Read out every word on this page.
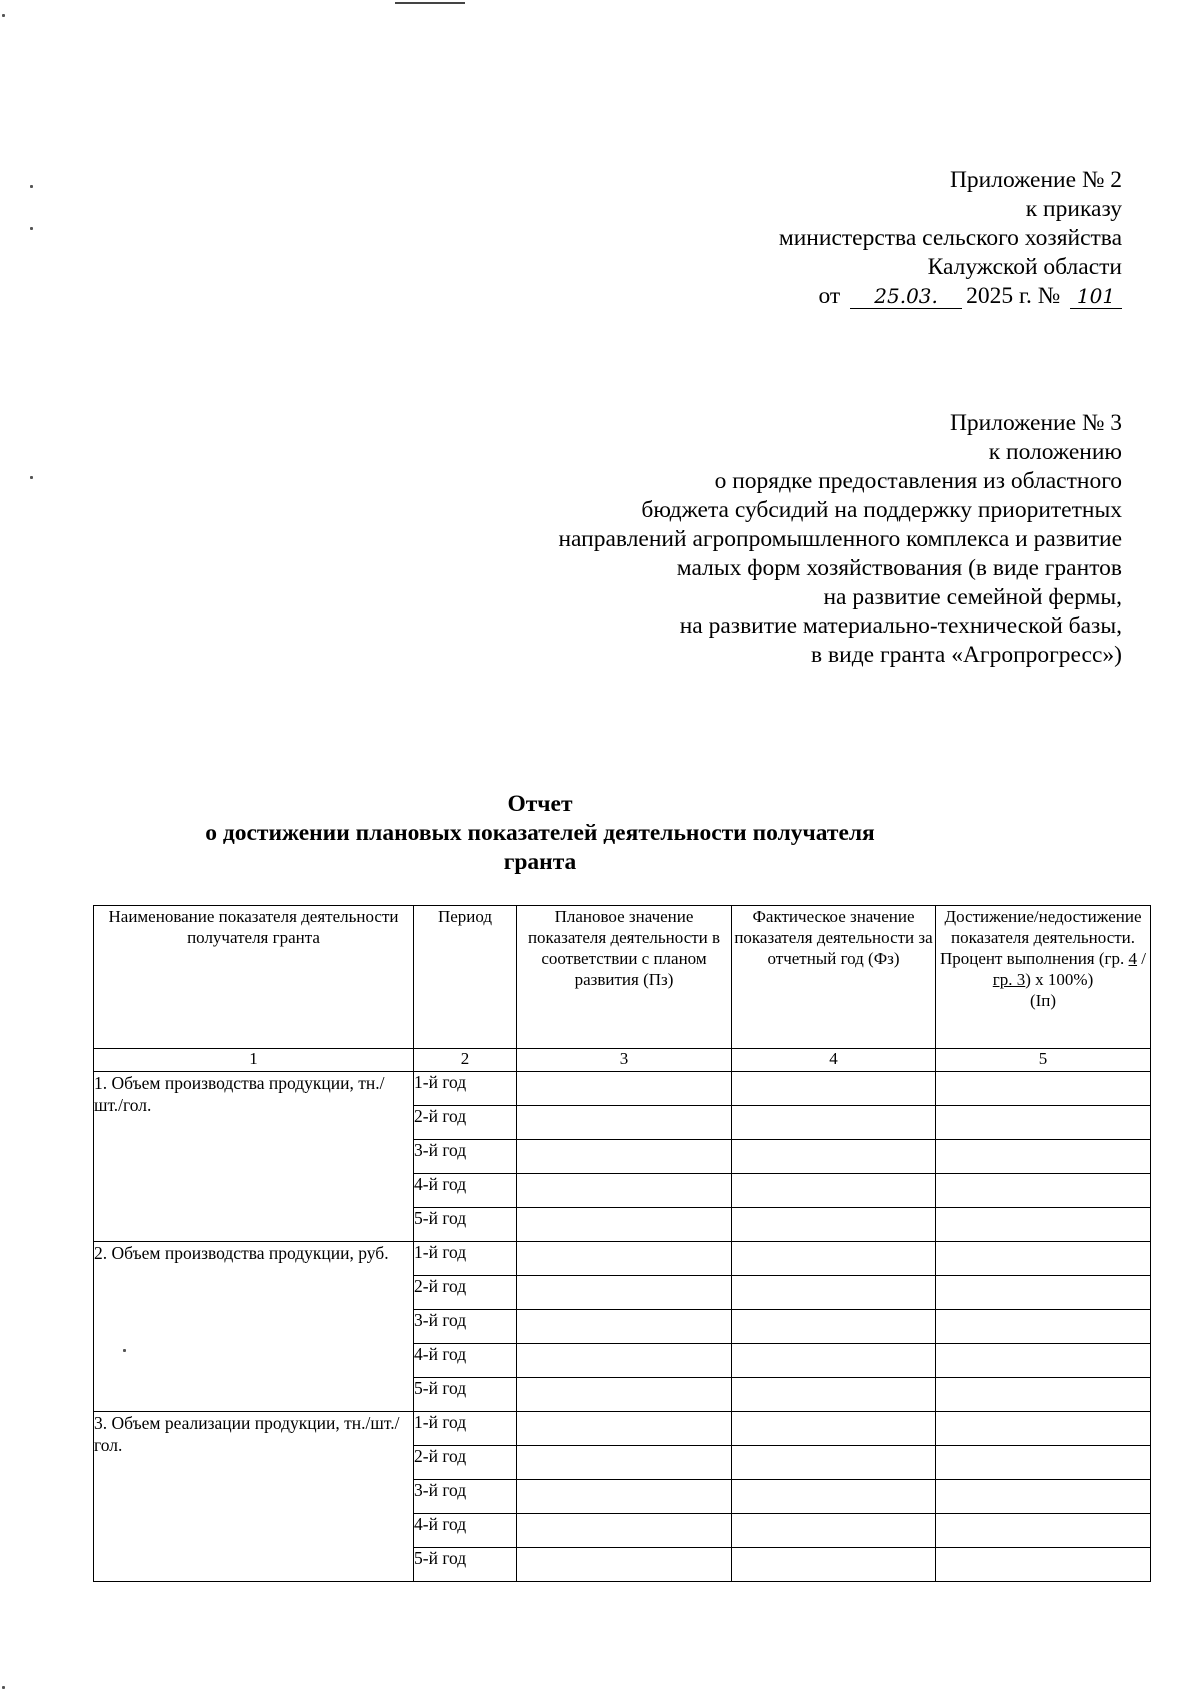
Приложение № 2
к приказу
министерства сельского хозяйства
Калужской области
от 25.03. 2025 г. № 101
Приложение № 3
к положению
о порядке предоставления из областного
бюджета субсидий на поддержку приоритетных
направлений агропромышленного комплекса и развитие
малых форм хозяйствования (в виде грантов
на развитие семейной фермы,
на развитие материально-технической базы,
в виде гранта «Агропрогресс»)
Отчет
о достижении плановых показателей деятельности получателя
гранта
Наименование показателя деятельности получателя гранта	Период	Плановое значение показателя деятельности в соответствии с планом развития (Пз)	Фактическое значение показателя деятельности за отчетный год (Фз)	Достижение/недостижение показателя деятельности. Процент выполнения (гр. 4 / гр. 3) х 100%)
(Iп)
1	2	3	4	5
1. Объем производства продукции, тн./шт./гол.	1-й год			
	2-й год			
	3-й год			
	4-й год			
	5-й год			
2. Объем производства продукции, руб.	1-й год			
	2-й год			
	3-й год			
	4-й год			
	5-й год			
3. Объем реализации продукции, тн./шт./гол.	1-й год			
	2-й год			
	3-й год			
	4-й год			
	5-й год			
